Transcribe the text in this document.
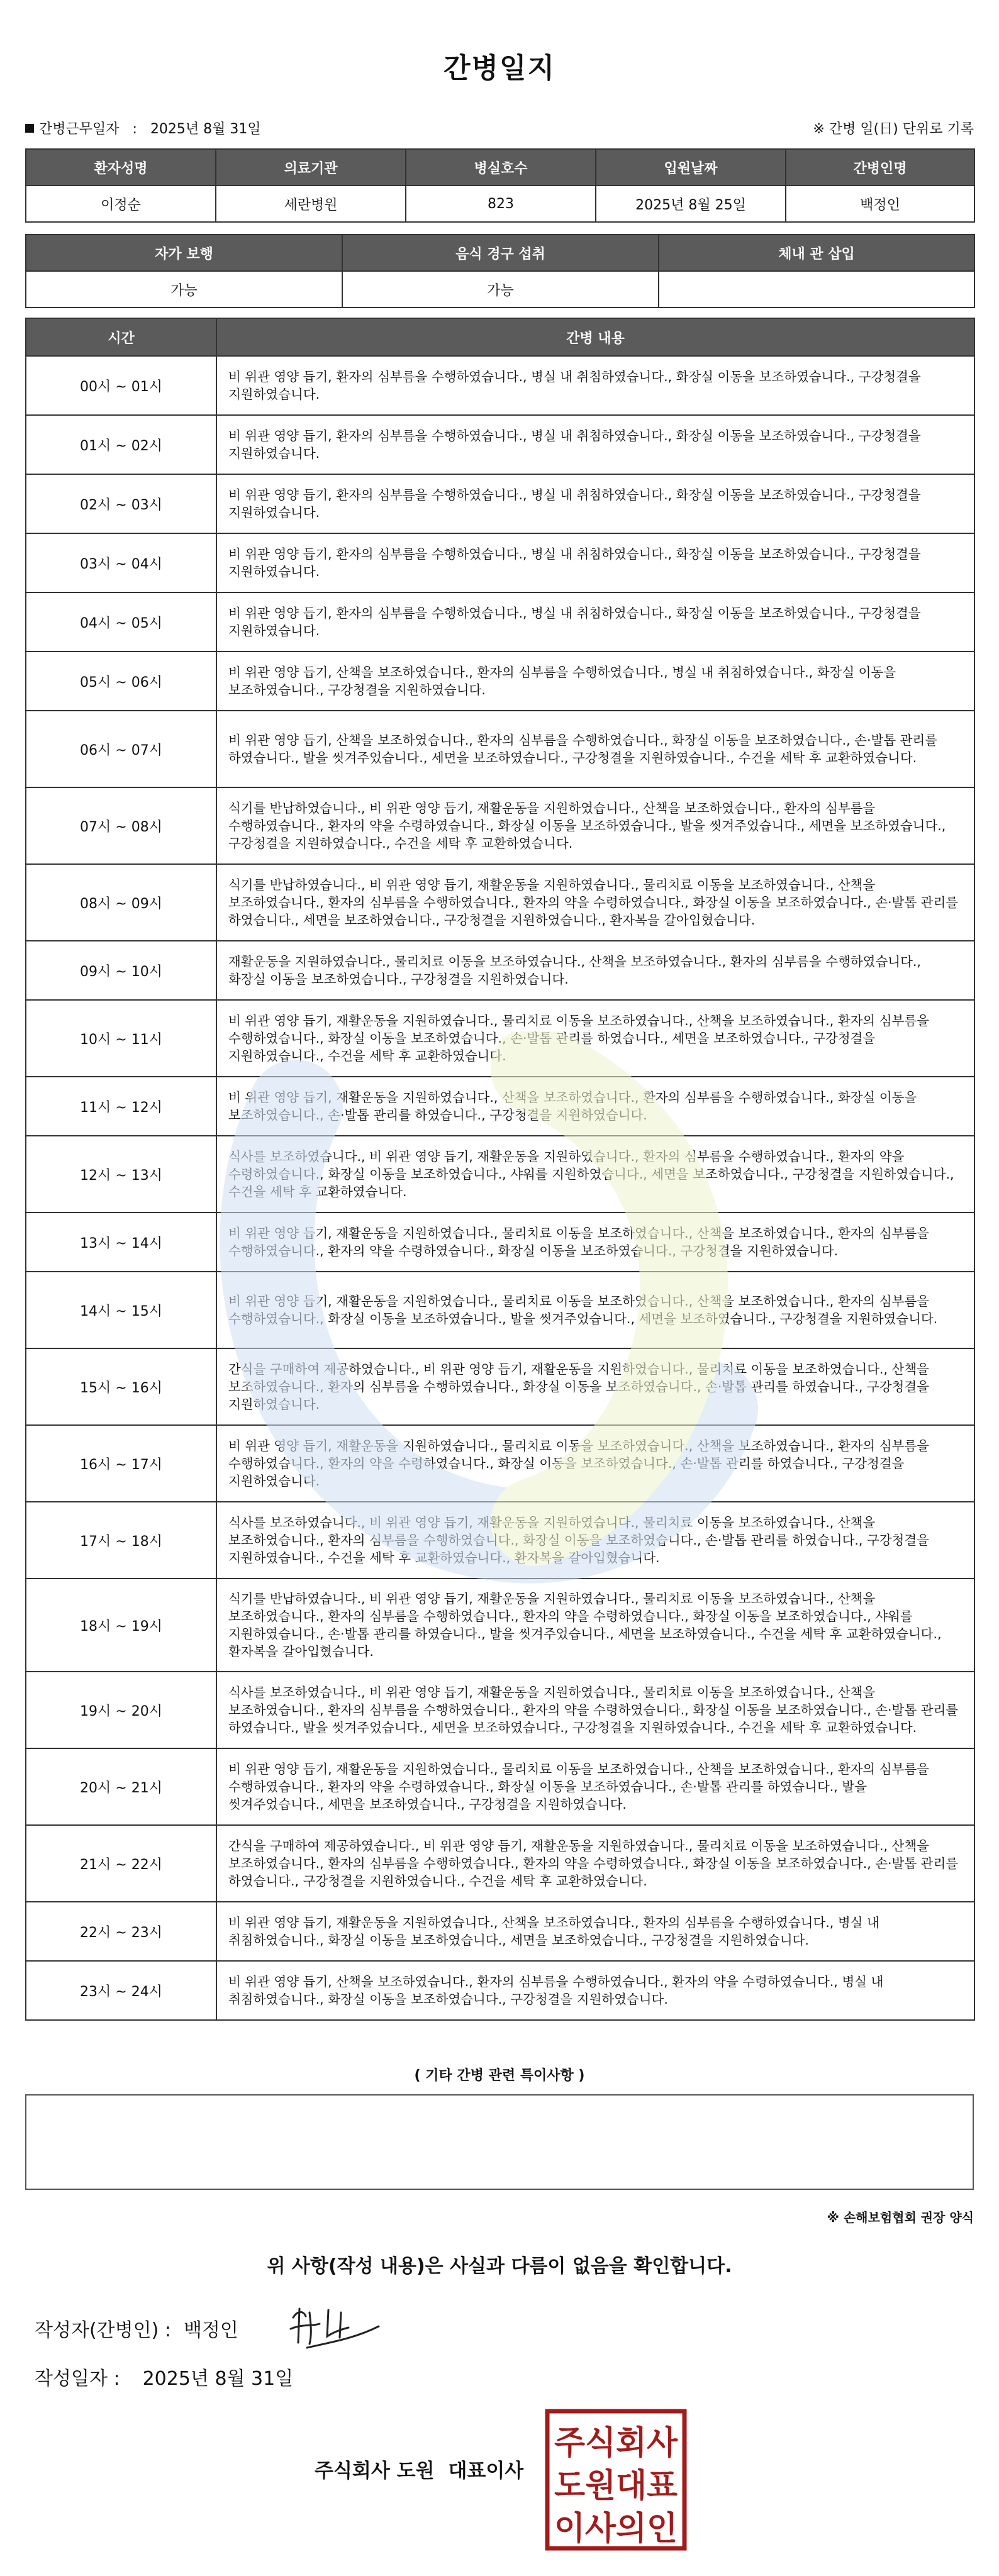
간병일지
간병근무일자 : 2025년 8월 31일	※ 간병 일(日) 단위로 기록
환자성명	의료기관	병실호수	입원날짜	간병인명
이정순	세란병원	823	2025년 8월 25일	백정인
자가 보행	음식 경구 섭취	체내 관 삽입
가능	가능	
시간	간병 내용
00시 ~ 01시	비 위관 영양 듭기, 환자의 심부름을 수행하였습니다., 병실 내 취침하였습니다., 화장실 이동을 보조하였습니다., 구강청결을 지원하였습니다.
01시 ~ 02시	비 위관 영양 듭기, 환자의 심부름을 수행하였습니다., 병실 내 취침하였습니다., 화장실 이동을 보조하였습니다., 구강청결을 지원하였습니다.
02시 ~ 03시	비 위관 영양 듭기, 환자의 심부름을 수행하였습니다., 병실 내 취침하였습니다., 화장실 이동을 보조하였습니다., 구강청결을 지원하였습니다.
03시 ~ 04시	비 위관 영양 듭기, 환자의 심부름을 수행하였습니다., 병실 내 취침하였습니다., 화장실 이동을 보조하였습니다., 구강청결을 지원하였습니다.
04시 ~ 05시	비 위관 영양 듭기, 환자의 심부름을 수행하였습니다., 병실 내 취침하였습니다., 화장실 이동을 보조하였습니다., 구강청결을 지원하였습니다.
05시 ~ 06시	비 위관 영양 듭기, 산책을 보조하였습니다., 환자의 심부름을 수행하였습니다., 병실 내 취침하였습니다., 화장실 이동을 보조하였습니다., 구강청결을 지원하였습니다.
06시 ~ 07시	비 위관 영양 듭기, 산책을 보조하였습니다., 환자의 심부름을 수행하였습니다., 화장실 이동을 보조하였습니다., 손·발톱 관리를 하였습니다., 발을 씻겨주었습니다., 세면을 보조하였습니다., 구강청결을 지원하였습니다., 수건을 세탁 후 교환하였습니다.
07시 ~ 08시	식기를 반납하였습니다., 비 위관 영양 듭기, 재활운동을 지원하였습니다., 산책을 보조하였습니다., 환자의 심부름을 수행하였습니다., 환자의 약을 수령하였습니다., 화장실 이동을 보조하였습니다., 발을 씻겨주었습니다., 세면을 보조하였습니다., 구강청결을 지원하였습니다., 수건을 세탁 후 교환하였습니다.
08시 ~ 09시	식기를 반납하였습니다., 비 위관 영양 듭기, 재활운동을 지원하였습니다., 물리치료 이동을 보조하였습니다., 산책을 보조하였습니다., 환자의 심부름을 수행하였습니다., 환자의 약을 수령하였습니다., 화장실 이동을 보조하였습니다., 손·발톱 관리를 하였습니다., 세면을 보조하였습니다., 구강청결을 지원하였습니다., 환자복을 갈아입혔습니다.
09시 ~ 10시	재활운동을 지원하였습니다., 물리치료 이동을 보조하였습니다., 산책을 보조하였습니다., 환자의 심부름을 수행하였습니다., 화장실 이동을 보조하였습니다., 구강청결을 지원하였습니다.
10시 ~ 11시	비 위관 영양 듭기, 재활운동을 지원하였습니다., 물리치료 이동을 보조하였습니다., 산책을 보조하였습니다., 환자의 심부름을 수행하였습니다., 화장실 이동을 보조하였습니다., 손·발톱 관리를 하였습니다., 세면을 보조하였습니다., 구강청결을 지원하였습니다., 수건을 세탁 후 교환하였습니다.
11시 ~ 12시	비 위관 영양 듭기, 재활운동을 지원하였습니다., 산책을 보조하였습니다., 환자의 심부름을 수행하였습니다., 화장실 이동을 보조하였습니다., 손·발톱 관리를 하였습니다., 구강청결을 지원하였습니다.
12시 ~ 13시	식사를 보조하였습니다., 비 위관 영양 듭기, 재활운동을 지원하였습니다., 환자의 심부름을 수행하였습니다., 환자의 약을 수령하였습니다., 화장실 이동을 보조하였습니다., 샤워를 지원하였습니다., 세면을 보조하였습니다., 구강청결을 지원하였습니다., 수건을 세탁 후 교환하였습니다.
13시 ~ 14시	비 위관 영양 듭기, 재활운동을 지원하였습니다., 물리치료 이동을 보조하였습니다., 산책을 보조하였습니다., 환자의 심부름을 수행하였습니다., 환자의 약을 수령하였습니다., 화장실 이동을 보조하였습니다., 구강청결을 지원하였습니다.
14시 ~ 15시	비 위관 영양 듭기, 재활운동을 지원하였습니다., 물리치료 이동을 보조하였습니다., 산책을 보조하였습니다., 환자의 심부름을 수행하였습니다., 화장실 이동을 보조하였습니다., 발을 씻겨주었습니다., 세면을 보조하였습니다., 구강청결을 지원하였습니다.
15시 ~ 16시	간식을 구매하여 제공하였습니다., 비 위관 영양 듭기, 재활운동을 지원하였습니다., 물리치료 이동을 보조하였습니다., 산책을 보조하였습니다., 환자의 심부름을 수행하였습니다., 화장실 이동을 보조하였습니다., 손·발톱 관리를 하였습니다., 구강청결을 지원하였습니다.
16시 ~ 17시	비 위관 영양 듭기, 재활운동을 지원하였습니다., 물리치료 이동을 보조하였습니다., 산책을 보조하였습니다., 환자의 심부름을 수행하였습니다., 환자의 약을 수령하였습니다., 화장실 이동을 보조하였습니다., 손·발톱 관리를 하였습니다., 구강청결을 지원하였습니다.
17시 ~ 18시	식사를 보조하였습니다., 비 위관 영양 듭기, 재활운동을 지원하였습니다., 물리치료 이동을 보조하였습니다., 산책을 보조하였습니다., 환자의 심부름을 수행하였습니다., 화장실 이동을 보조하였습니다., 손·발톱 관리를 하였습니다., 구강청결을 지원하였습니다., 수건을 세탁 후 교환하였습니다., 환자복을 갈아입혔습니다.
18시 ~ 19시	식기를 반납하였습니다., 비 위관 영양 듭기, 재활운동을 지원하였습니다., 물리치료 이동을 보조하였습니다., 산책을 보조하였습니다., 환자의 심부름을 수행하였습니다., 환자의 약을 수령하였습니다., 화장실 이동을 보조하였습니다., 샤워를 지원하였습니다., 손·발톱 관리를 하였습니다., 발을 씻겨주었습니다., 세면을 보조하였습니다., 수건을 세탁 후 교환하였습니다., 환자복을 갈아입혔습니다.
19시 ~ 20시	식사를 보조하였습니다., 비 위관 영양 듭기, 재활운동을 지원하였습니다., 물리치료 이동을 보조하였습니다., 산책을 보조하였습니다., 환자의 심부름을 수행하였습니다., 환자의 약을 수령하였습니다., 화장실 이동을 보조하였습니다., 손·발톱 관리를 하였습니다., 발을 씻겨주었습니다., 세면을 보조하였습니다., 구강청결을 지원하였습니다., 수건을 세탁 후 교환하였습니다.
20시 ~ 21시	비 위관 영양 듭기, 재활운동을 지원하였습니다., 물리치료 이동을 보조하였습니다., 산책을 보조하였습니다., 환자의 심부름을 수행하였습니다., 환자의 약을 수령하였습니다., 화장실 이동을 보조하였습니다., 손·발톱 관리를 하였습니다., 발을 씻겨주었습니다., 세면을 보조하였습니다., 구강청결을 지원하였습니다.
21시 ~ 22시	간식을 구매하여 제공하였습니다., 비 위관 영양 듭기, 재활운동을 지원하였습니다., 물리치료 이동을 보조하였습니다., 산책을 보조하였습니다., 환자의 심부름을 수행하였습니다., 환자의 약을 수령하였습니다., 화장실 이동을 보조하였습니다., 손·발톱 관리를 하였습니다., 구강청결을 지원하였습니다., 수건을 세탁 후 교환하였습니다.
22시 ~ 23시	비 위관 영양 듭기, 재활운동을 지원하였습니다., 산책을 보조하였습니다., 환자의 심부름을 수행하였습니다., 병실 내 취침하였습니다., 화장실 이동을 보조하였습니다., 세면을 보조하였습니다., 구강청결을 지원하였습니다.
23시 ~ 24시	비 위관 영양 듭기, 산책을 보조하였습니다., 환자의 심부름을 수행하였습니다., 환자의 약을 수령하였습니다., 병실 내 취침하였습니다., 화장실 이동을 보조하였습니다., 구강청결을 지원하였습니다.
( 기타 간병 관련 특이사항 )
※ 손해보험협회 권장 양식
위 사항(작성 내용)은 사실과 다름이 없음을 확인합니다.
작성자(간병인) : 백정인
작성일자 : 2025년 8월 31일
주식회사 도원 대표이사
주식회사
도원대표
이사의인
